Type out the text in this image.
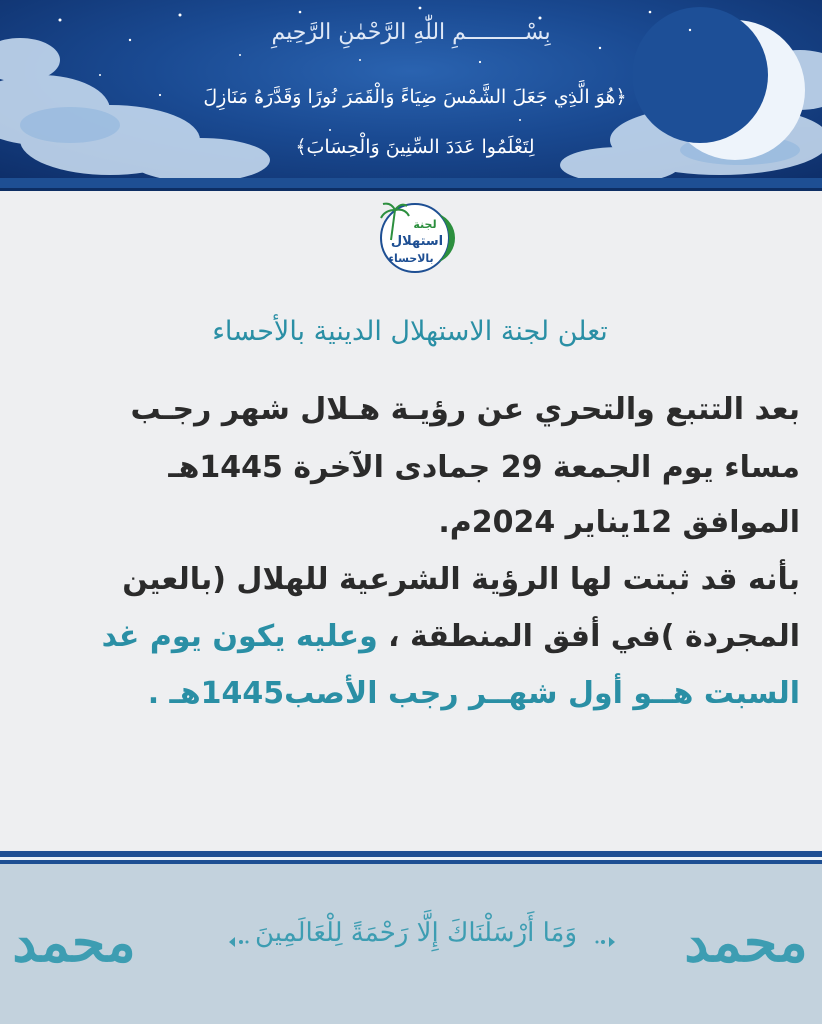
بِسْـــــــــمِ اللّٰهِ الرَّحْمٰنِ الرَّحِيمِ
﴿هُوَ الَّذِي جَعَلَ الشَّمْسَ ضِيَاءً وَالْقَمَرَ نُورًا وَقَدَّرَهُ مَنَازِلَ
لِتَعْلَمُوا عَدَدَ السِّنِينَ وَالْحِسَابَ﴾
لجنة
استهلال
بالاحساء
تعلن لجنة الاستهلال الدينية بالأحساء
بعد التتبع والتحري عن رؤيـة هـلال شهر رجـب
مساء يوم الجمعة 29 جمادى الآخرة 1445هـ
الموافق 12يناير 2024م.
بأنه قد ثبتت لها الرؤية الشرعية للهلال (بالعين
المجردة )في أفق المنطقة ، وعليه يكون يوم غد
السبت هــو أول شهــر رجب الأصب1445هـ .
محمد	محمد
وَمَا أَرْسَلْنَاكَ إِلَّا رَحْمَةً لِلْعَالَمِينَ
